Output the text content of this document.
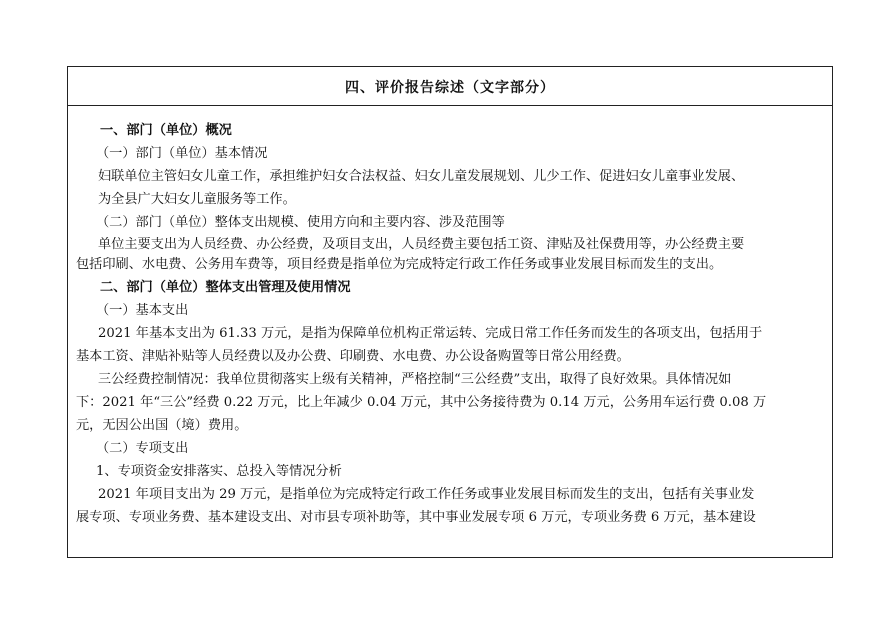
四、评价报告综述（文字部分）

一、部门（单位）概况

（一）部门（单位）基本情况

妇联单位主管妇女儿童工作，承担维护妇女合法权益、妇女儿童发展规划、儿少工作、促进妇女儿童事业发展、

为全县广大妇女儿童服务等工作。

（二）部门（单位）整体支出规模、使用方向和主要内容、涉及范围等

单位主要支出为人员经费、办公经费，及项目支出，人员经费主要包括工资、津贴及社保费用等，办公经费主要

包括印刷、水电费、公务用车费等，项目经费是指单位为完成特定行政工作任务或事业发展目标而发生的支出。

二、部门（单位）整体支出管理及使用情况

（一）基本支出

2021 年基本支出为 61.33 万元，是指为保障单位机构正常运转、完成日常工作任务而发生的各项支出，包括用于

基本工资、津贴补贴等人员经费以及办公费、印刷费、水电费、办公设备购置等日常公用经费。

三公经费控制情况：我单位贯彻落实上级有关精神，严格控制“三公经费”支出，取得了良好效果。具体情况如

下：2021 年“三公”经费 0.22 万元，比上年减少 0.04 万元，其中公务接待费为 0.14 万元，公务用车运行费 0.08 万

元，无因公出国（境）费用。

（二）专项支出

1、专项资金安排落实、总投入等情况分析

2021 年项目支出为 29 万元，是指单位为完成特定行政工作任务或事业发展目标而发生的支出，包括有关事业发

展专项、专项业务费、基本建设支出、对市县专项补助等，其中事业发展专项 6 万元，专项业务费 6 万元，基本建设
